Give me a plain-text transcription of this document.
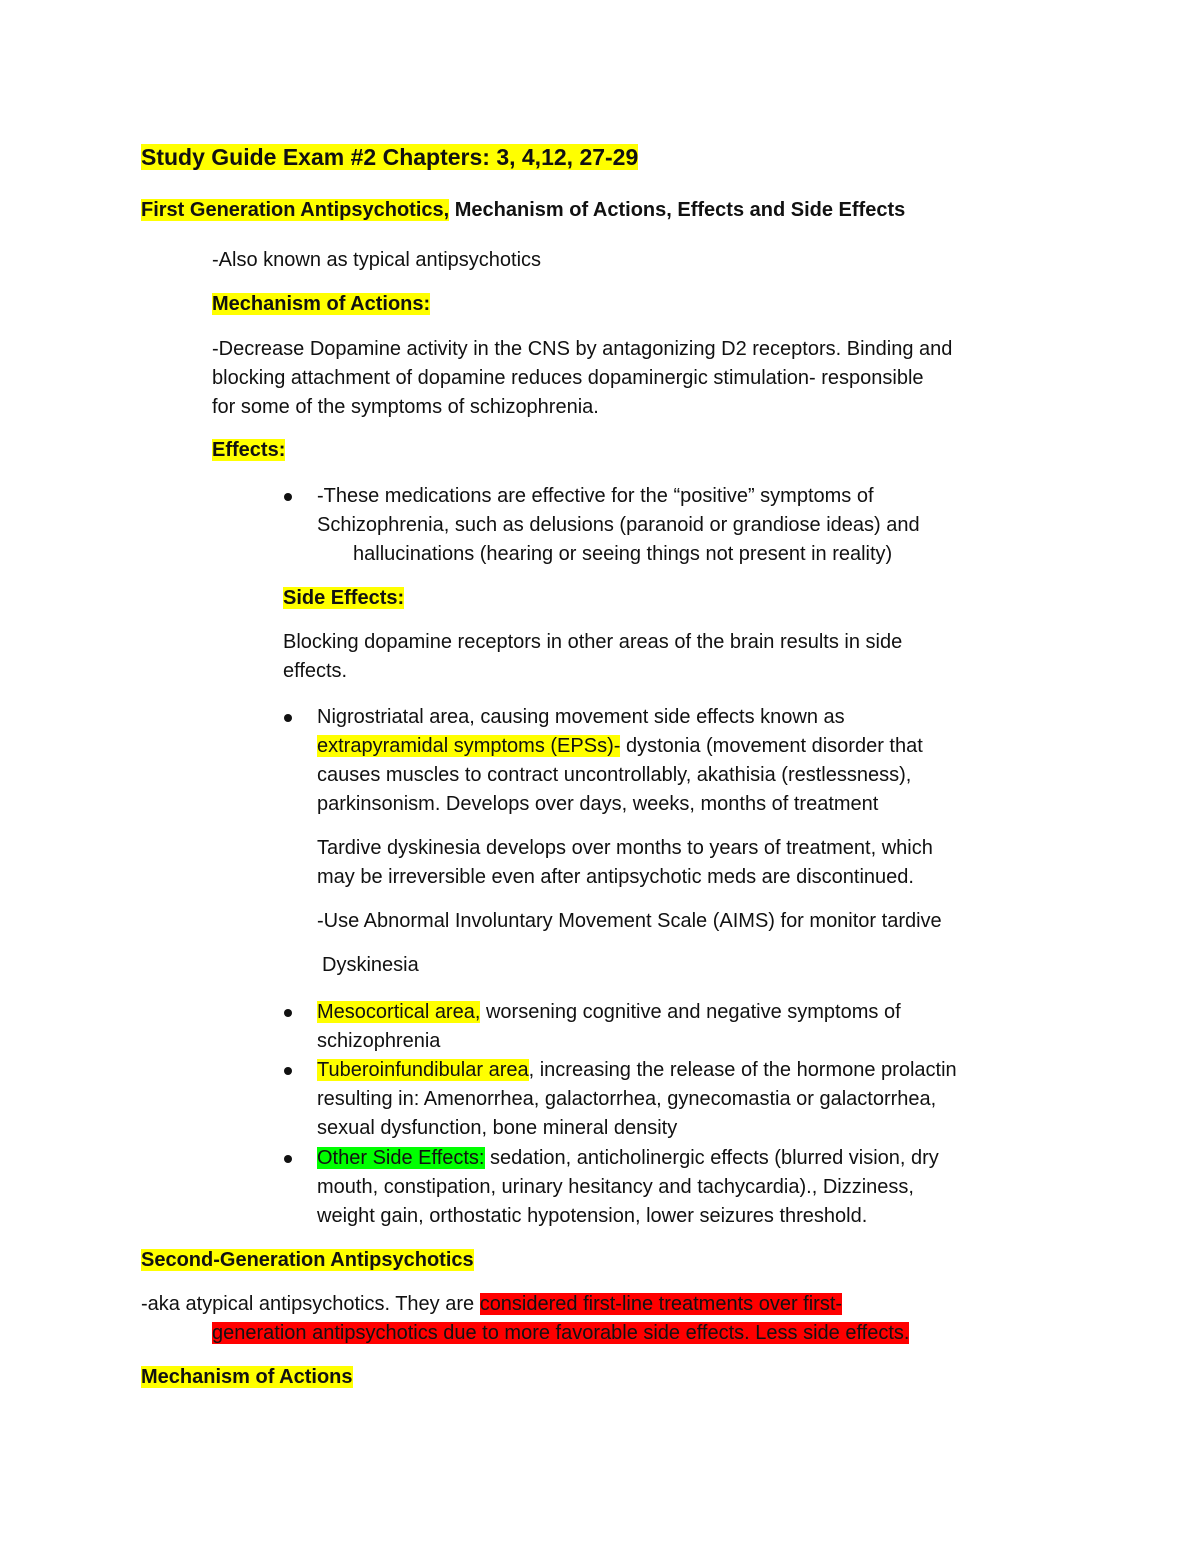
Study Guide Exam #2 Chapters: 3, 4,12, 27-29
First Generation Antipsychotics, Mechanism of Actions, Effects and Side Effects
-Also known as typical antipsychotics
Mechanism of Actions:
-Decrease Dopamine activity in the CNS by antagonizing D2 receptors. Binding and
blocking attachment of dopamine reduces dopaminergic stimulation- responsible
for some of the symptoms of schizophrenia.
Effects:
-These medications are effective for the “positive” symptoms of
Schizophrenia, such as delusions (paranoid or grandiose ideas) and
hallucinations (hearing or seeing things not present in reality)
Side Effects:
Blocking dopamine receptors in other areas of the brain results in side
effects.
Nigrostriatal area, causing movement side effects known as
extrapyramidal symptoms (EPSs)- dystonia (movement disorder that
causes muscles to contract uncontrollably, akathisia (restlessness),
parkinsonism. Develops over days, weeks, months of treatment
Tardive dyskinesia develops over months to years of treatment, which
may be irreversible even after antipsychotic meds are discontinued.
-Use Abnormal Involuntary Movement Scale (AIMS) for monitor tardive
Dyskinesia
Mesocortical area, worsening cognitive and negative symptoms of
schizophrenia
Tuberoinfundibular area, increasing the release of the hormone prolactin
resulting in: Amenorrhea, galactorrhea, gynecomastia or galactorrhea,
sexual dysfunction, bone mineral density
Other Side Effects: sedation, anticholinergic effects (blurred vision, dry
mouth, constipation, urinary hesitancy and tachycardia)., Dizziness,
weight gain, orthostatic hypotension, lower seizures threshold.
Second-Generation Antipsychotics
-aka atypical antipsychotics. They are considered first-line treatments over first-
generation antipsychotics due to more favorable side effects. Less side effects.
Mechanism of Actions
